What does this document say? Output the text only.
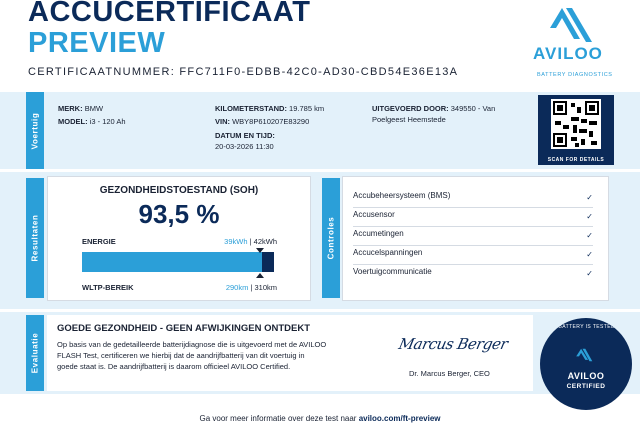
ACCUCERTIFICAAT
PREVIEW
CERTIFICAATNUMMER: FFC711F0-EDBB-42C0-AD30-CBD54E36E13A
AVILOO
BATTERY DIAGNOSTICS
Voertuig
MERK: BMW
MODEL: i3 - 120 Ah
KILOMETERSTAND: 19.785 km
VIN: WBY8P610207E83290
DATUM EN TIJD:
20-03-2026 11:30
UITGEVOERD DOOR: 349550 - Van
Poelgeest Heemstede
SCAN FOR DETAILS
Resultaten
GEZONDHEIDSTOESTAND (SOH)
93,5 %
ENERGIE	39kWh | 42kWh
WLTP-BEREIK	290km | 310km
Controles
Accubeheersysteem (BMS)	✓
Accusensor	✓
Accumetingen	✓
Accucelspanningen	✓
Voertuigcommunicatie	✓
Evaluatie
GOEDE GEZONDHEID - GEEN AFWIJKINGEN ONTDEKT
Op basis van de gedetailleerde batterijdiagnose die is uitgevoerd met de AVILOO
FLASH Test, certificeren we hierbij dat de aandrijfbatterij van dit voertuig in
goede staat is. De aandrijfbatterij is daarom officieel AVILOO Certified.
Marcus Berger
Dr. Marcus Berger, CEO
THIS BATTERY IS TESTED AND
AVILOO
CERTIFIED
Ga voor meer informatie over deze test naar aviloo.com/ft-preview
